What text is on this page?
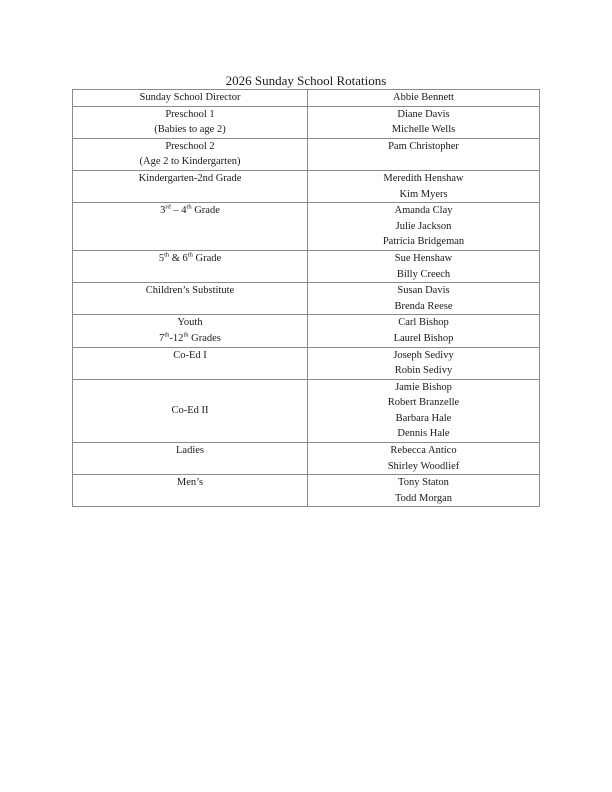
2026 Sunday School Rotations
Sunday School Director	Abbie Bennett

Preschool 1
(Babies to age 2)	Diane Davis
Michelle Wells

Preschool 2
(Age 2 to Kindergarten)	Pam Christopher

Kindergarten-2nd Grade	Meredith Henshaw
Kim Myers

3rd – 4th Grade	Amanda Clay
Julie Jackson
Patricia Bridgeman

5th & 6th Grade	Sue Henshaw
Billy Creech

Children’s Substitute	Susan Davis
Brenda Reese

Youth
7th-12th Grades	Carl Bishop
Laurel Bishop

Co-Ed I	Joseph Sedivy
Robin Sedivy

Co-Ed II	Jamie Bishop
Robert Branzelle
Barbara Hale
Dennis Hale

Ladies	Rebecca Antico
Shirley Woodlief

Men’s	Tony Staton
Todd Morgan
